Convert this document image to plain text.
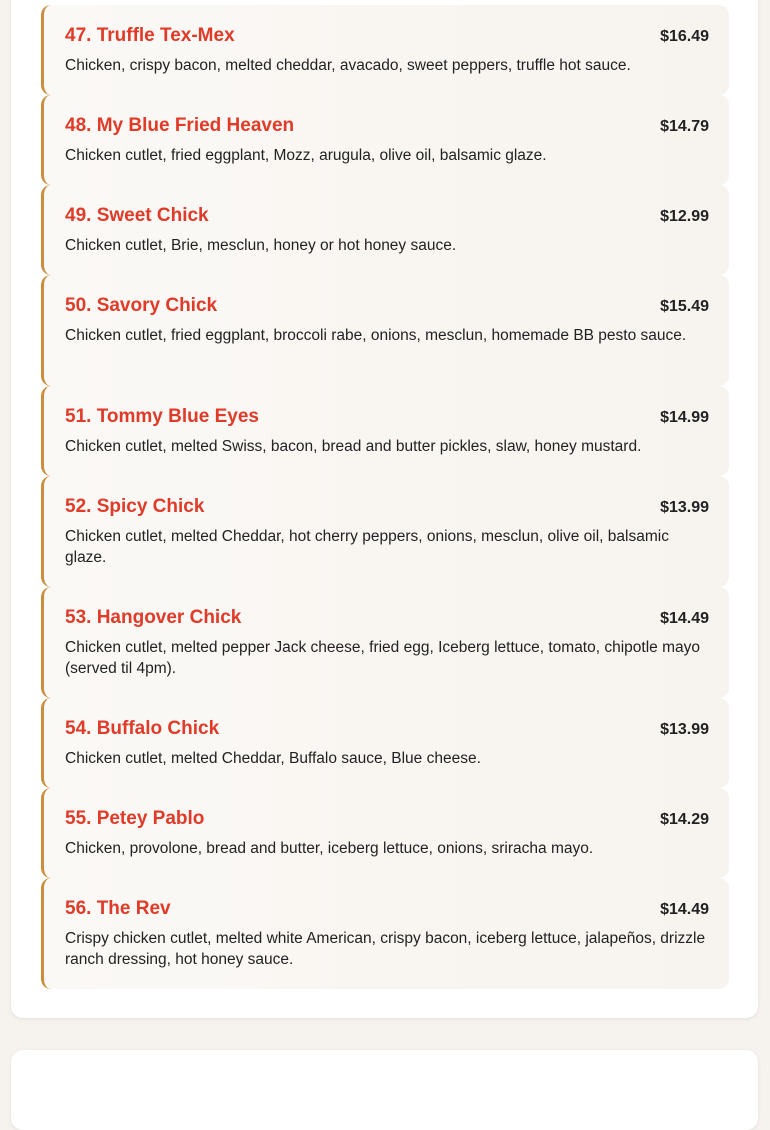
47. Truffle Tex-Mex	$16.49
Chicken, crispy bacon, melted cheddar, avacado, sweet peppers, truffle hot sauce.
48. My Blue Fried Heaven	$14.79
Chicken cutlet, fried eggplant, Mozz, arugula, olive oil, balsamic glaze.
49. Sweet Chick	$12.99
Chicken cutlet, Brie, mesclun, honey or hot honey sauce.
50. Savory Chick	$15.49
Chicken cutlet, fried eggplant, broccoli rabe, onions, mesclun, homemade BB pesto sauce.
51. Tommy Blue Eyes	$14.99
Chicken cutlet, melted Swiss, bacon, bread and butter pickles, slaw, honey mustard.
52. Spicy Chick	$13.99
Chicken cutlet, melted Cheddar, hot cherry peppers, onions, mesclun, olive oil, balsamic glaze.
53. Hangover Chick	$14.49
Chicken cutlet, melted pepper Jack cheese, fried egg, Iceberg lettuce, tomato, chipotle mayo (served til 4pm).
54. Buffalo Chick	$13.99
Chicken cutlet, melted Cheddar, Buffalo sauce, Blue cheese.
55. Petey Pablo	$14.29
Chicken, provolone, bread and butter, iceberg lettuce, onions, sriracha mayo.
56. The Rev	$14.49
Crispy chicken cutlet, melted white American, crispy bacon, iceberg lettuce, jalapeños, drizzle ranch dressing, hot honey sauce.
